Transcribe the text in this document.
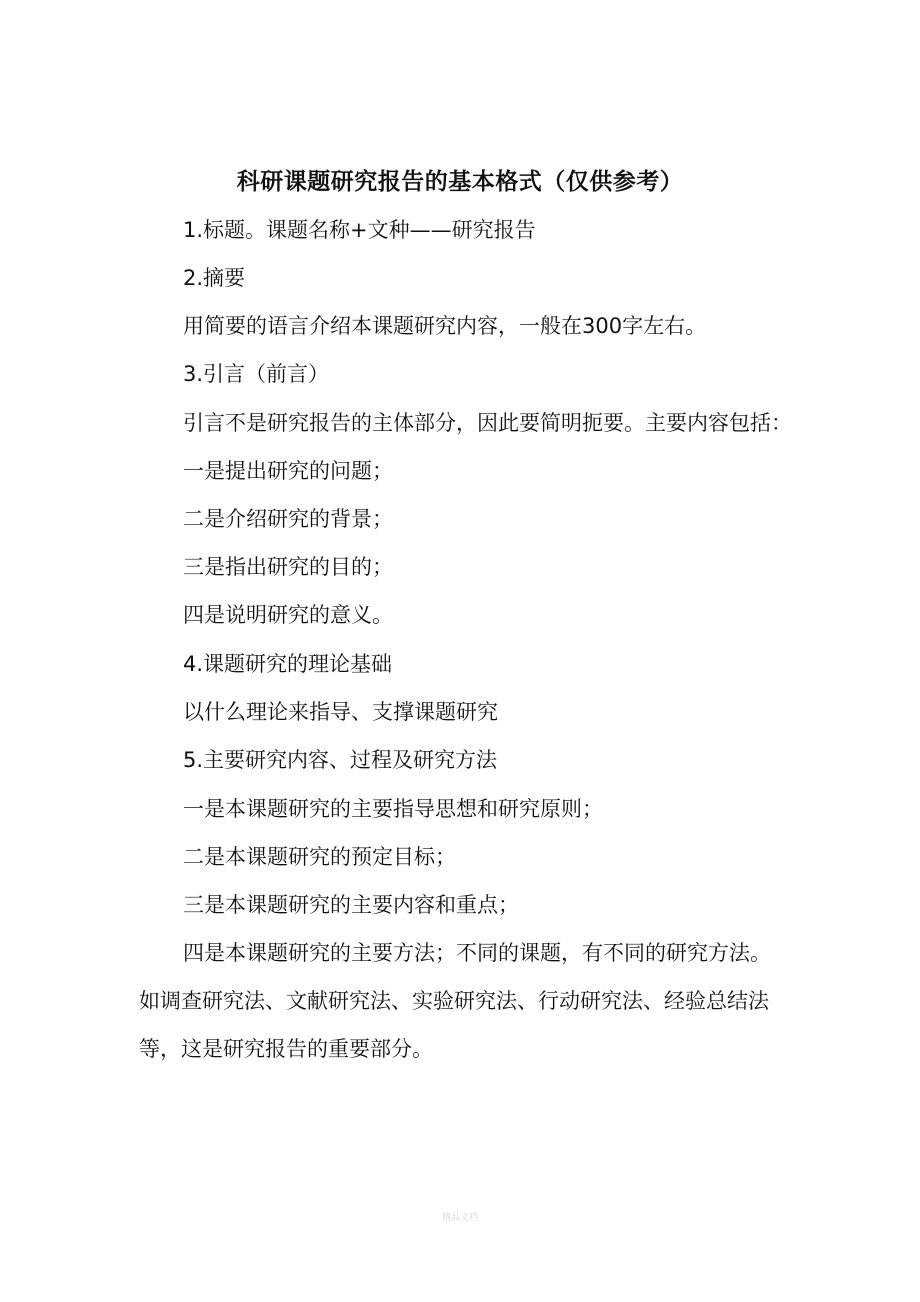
科研课题研究报告的基本格式（仅供参考）
1.标题。课题名称+文种——研究报告
2.摘要
用简要的语言介绍本课题研究内容，一般在300字左右。
3.引言（前言）
引言不是研究报告的主体部分，因此要简明扼要。主要内容包括：
一是提出研究的问题；
二是介绍研究的背景；
三是指出研究的目的；
四是说明研究的意义。
4.课题研究的理论基础
以什么理论来指导、支撑课题研究
5.主要研究内容、过程及研究方法
一是本课题研究的主要指导思想和研究原则；
二是本课题研究的预定目标；
三是本课题研究的主要内容和重点；
四是本课题研究的主要方法；不同的课题，有不同的研究方法。如调查研究法、文献研究法、实验研究法、行动研究法、经验总结法等，这是研究报告的重要部分。
精品文档
